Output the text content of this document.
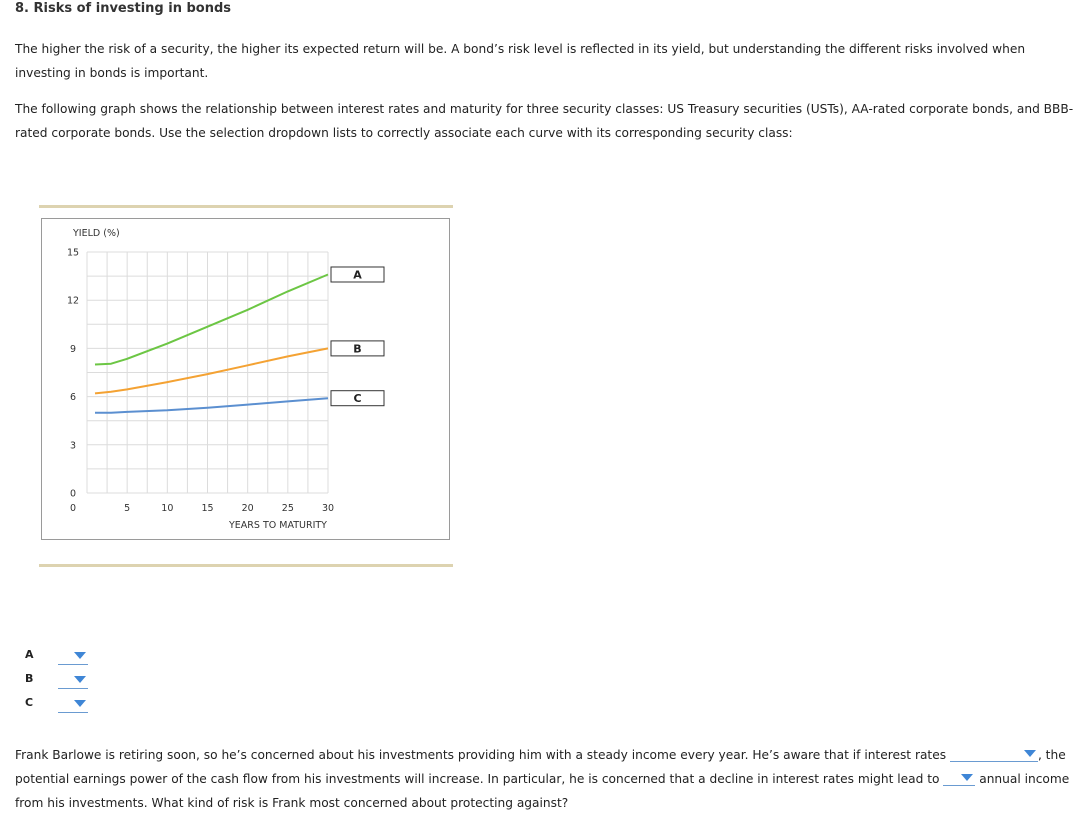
8. Risks of investing in bonds

The higher the risk of a security, the higher its expected return will be. A bond’s risk level is reflected in its yield, but understanding the different risks involved when investing in bonds is important.

The following graph shows the relationship between interest rates and maturity for three security classes: US Treasury securities (USTs), AA-rated corporate bonds, and BBB-rated corporate bonds. Use the selection dropdown lists to correctly associate each curve with its corresponding security class:

0
3
6
9
12
15
0	5	10	15	20	25	30
YIELD (%)
YEARS TO MATURITY
A
B
C
A
B
C

Frank Barlowe is retiring soon, so he’s concerned about his investments providing him with a steady income every year. He’s aware that if interest rates	, the potential earnings power of the cash flow from his investments will increase. In particular, he is concerned that a decline in interest rates might lead to	annual income from his investments. What kind of risk is Frank most concerned about protecting against?
